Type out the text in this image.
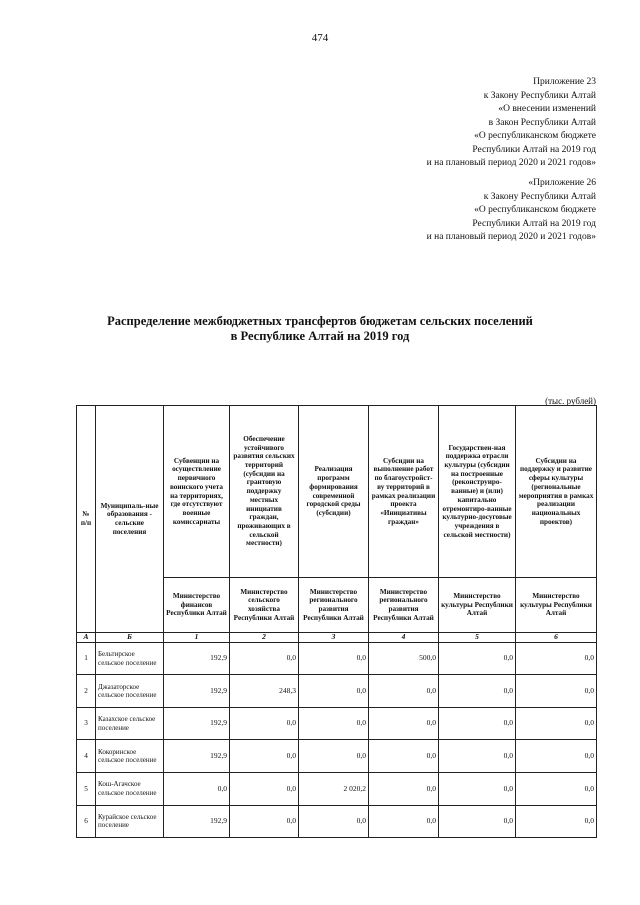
474
Приложение 23
к Закону Республики Алтай
«О внесении изменений
в Закон Республики Алтай
«О республиканском бюджете
Республики Алтай на 2019 год
и на плановый период 2020 и 2021 годов»
«Приложение 26
к Закону Республики Алтай
«О республиканском бюджете
Республики Алтай на 2019 год
и на плановый период 2020 и 2021 годов»
Распределение межбюджетных трансфертов бюджетам сельских поселений
в Республике Алтай на 2019 год
(тыс. рублей)
№ п/п	Муниципаль-ные образования - сельские поселения	Субвенции на осуществление первичного воинского учета на территориях, где отсутствуют военные комиссариаты	Обеспечение устойчивого развития сельских территорий (субсидии на грантовую поддержку местных инициатив граждан, проживающих в сельской местности)	Реализация программ формирования современной городской среды (субсидии)	Субсидии на выполнение работ по благоустройст-ву территорий в рамках реализации проекта «Инициативы граждан»	Государствен-ная поддержка отрасли культуры (субсидии на построенные (реконструиро-ванные) и (или) капитально отремонтиро-ванные культурно-досуговые учреждения в сельской местности)	Субсидии на поддержку и развитие сферы культуры (региональные мероприятия в рамках реализации национальных проектов)
		Министерство финансов Республики Алтай	Министерство сельского хозяйства Республики Алтай	Министерство регионального развития Республики Алтай	Министерство регионального развития Республики Алтай	Министерство культуры Республики Алтай	Министерство культуры Республики Алтай
А	Б	1	2	3	4	5	6
1	Бельтирское сельское поселение	192,9	0,0	0,0	500,0	0,0	0,0
2	Джазаторское сельское поселение	192,9	248,3	0,0	0,0	0,0	0,0
3	Казахское сельское поселение	192,9	0,0	0,0	0,0	0,0	0,0
4	Кокоринское сельское поселение	192,9	0,0	0,0	0,0	0,0	0,0
5	Кош-Агачское сельское поселение	0,0	0,0	2 020,2	0,0	0,0	0,0
6	Курайское сельское поселение	192,9	0,0	0,0	0,0	0,0	0,0
